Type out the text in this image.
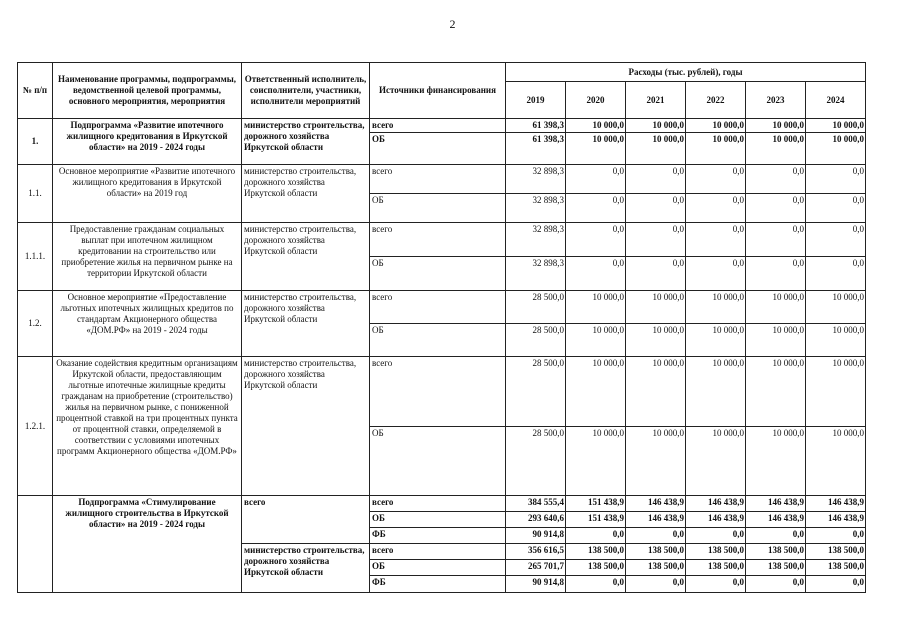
2
№ п/п	Наименование программы, подпрограммы, ведомственной целевой программы, основного мероприятия, мероприятия	Ответственный исполнитель, соисполнители, участники, исполнители мероприятий	Источники финансирования	Расходы (тыс. рублей), годы					
				2019	2020	2021	2022	2023	2024
1.	Подпрограмма «Развитие ипотечного жилищного кредитования в Иркутской области» на 2019 - 2024 годы	министерство строительства, дорожного хозяйства Иркутской области	всего	61 398,3	10 000,0	10 000,0	10 000,0	10 000,0	10 000,0
			ОБ	61 398,3	10 000,0	10 000,0	10 000,0	10 000,0	10 000,0
1.1.	Основное мероприятие «Развитие ипотечного жилищного кредитования в Иркутской области» на 2019 год	министерство строительства, дорожного хозяйства Иркутской области	всего	32 898,3	0,0	0,0	0,0	0,0	0,0
			ОБ	32 898,3	0,0	0,0	0,0	0,0	0,0
1.1.1.	Предоставление гражданам социальных выплат при ипотечном жилищном кредитовании на строительство или приобретение жилья на первичном рынке на территории Иркутской области	министерство строительства, дорожного хозяйства Иркутской области	всего	32 898,3	0,0	0,0	0,0	0,0	0,0
			ОБ	32 898,3	0,0	0,0	0,0	0,0	0,0
1.2.	Основное мероприятие «Предоставление льготных ипотечных жилищных кредитов по стандартам Акционерного общества «ДОМ.РФ» на 2019 - 2024 годы	министерство строительства, дорожного хозяйства Иркутской области	всего	28 500,0	10 000,0	10 000,0	10 000,0	10 000,0	10 000,0
			ОБ	28 500,0	10 000,0	10 000,0	10 000,0	10 000,0	10 000,0
1.2.1.	Оказание содействия кредитным организациям Иркутской области, предоставляющим льготные ипотечные жилищные кредиты гражданам на приобретение (строительство) жилья на первичном рынке, с пониженной процентной ставкой на три процентных пункта от процентной ставки, определяемой в соответствии с условиями ипотечных программ Акционерного общества «ДОМ.РФ»	министерство строительства, дорожного хозяйства Иркутской области	всего	28 500,0	10 000,0	10 000,0	10 000,0	10 000,0	10 000,0
			ОБ	28 500,0	10 000,0	10 000,0	10 000,0	10 000,0	10 000,0
	Подпрограмма «Стимулирование жилищного строительства в Иркутской области» на 2019 - 2024 годы	всего	всего	384 555,4	151 438,9	146 438,9	146 438,9	146 438,9	146 438,9
			ОБ	293 640,6	151 438,9	146 438,9	146 438,9	146 438,9	146 438,9
			ФБ	90 914,8	0,0	0,0	0,0	0,0	0,0
		министерство строительства, дорожного хозяйства Иркутской области	всего	356 616,5	138 500,0	138 500,0	138 500,0	138 500,0	138 500,0
			ОБ	265 701,7	138 500,0	138 500,0	138 500,0	138 500,0	138 500,0
			ФБ	90 914,8	0,0	0,0	0,0	0,0	0,0
